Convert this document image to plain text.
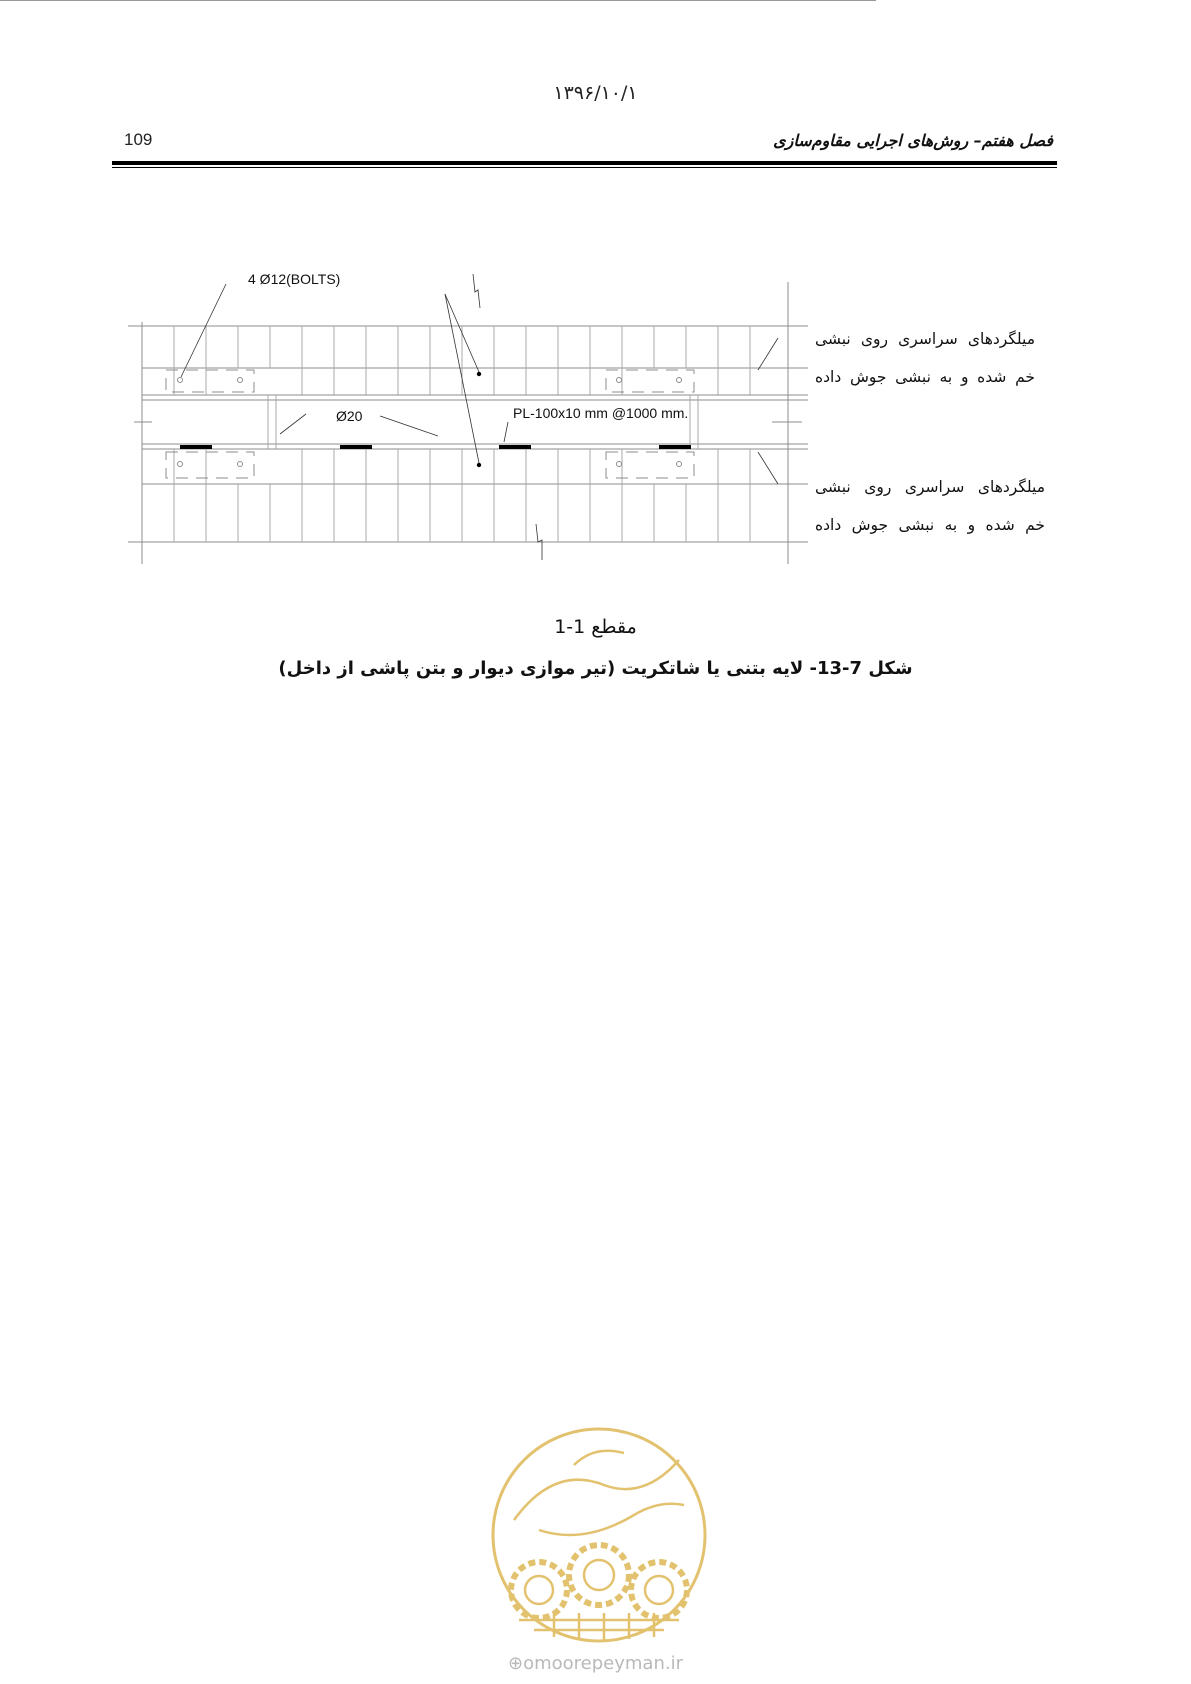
۱۳۹۶/۱۰/۱
109	فصل هفتم– روش‌های اجرایی مقاوم‌سازی
4 Ø12(BOLTS)
Ø20	PL-100x10 mm @1000 mm.
میلگردهای سراسری روی نبشی
خم شده و به نبشی جوش داده
میلگردهای سراسری روی نبشی
خم شده و به نبشی جوش داده
مقطع 1-1
شکل 7-13- لایه بتنی یا شاتکریت (تیر موازی دیوار و بتن پاشی از داخل)
⊕omoorepeyman.ir
